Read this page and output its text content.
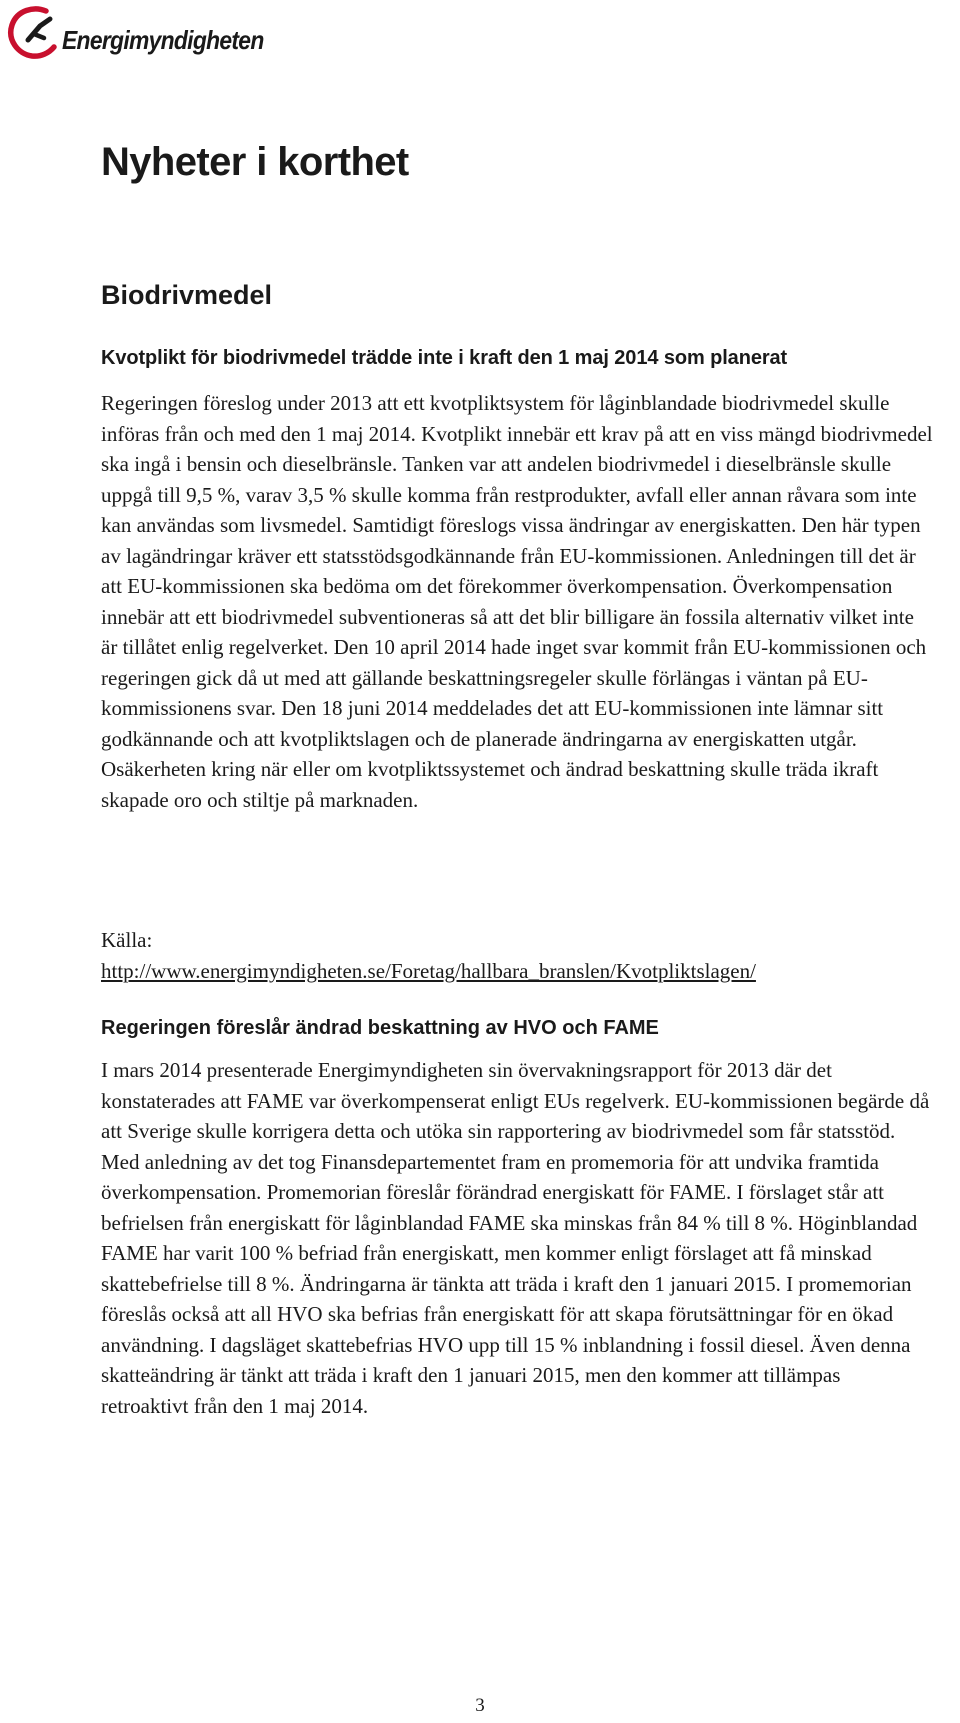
Energimyndigheten
Nyheter i korthet
Biodrivmedel
Kvotplikt för biodrivmedel trädde inte i kraft den 1 maj 2014 som planerat

Regeringen föreslog under 2013 att ett kvotpliktsystem för låginblandade biodrivmedel skulle införas från och med den 1 maj 2014. Kvotplikt innebär ett krav på att en viss mängd biodrivmedel ska ingå i bensin och dieselbränsle. Tanken var att andelen biodrivmedel i dieselbränsle skulle uppgå till 9,5 %, varav 3,5 % skulle komma från restprodukter, avfall eller annan råvara som inte kan användas som livsmedel. Samtidigt föreslogs vissa ändringar av energiskatten. Den här typen av lagändringar kräver ett statsstödsgodkännande från EU-kommissionen. Anledningen till det är att EU-kommissionen ska bedöma om det förekommer överkompensation. Överkompensation innebär att ett biodrivmedel subventioneras så att det blir billigare än fossila alternativ vilket inte är tillåtet enlig regelverket. Den 10 april 2014 hade inget svar kommit från EU-kommissionen och regeringen gick då ut med att gällande beskattningsregeler skulle förlängas i väntan på EU-kommissionens svar. Den 18 juni 2014 meddelades det att EU-kommissionen inte lämnar sitt godkännande och att kvotpliktslagen och de planerade ändringarna av energiskatten utgår. Osäkerheten kring när eller om kvotpliktssystemet och ändrad beskattning skulle träda ikraft skapade oro och stiltje på marknaden.

Källa:

http://www.energimyndigheten.se/Foretag/hallbara_branslen/Kvotpliktslagen/
Regeringen föreslår ändrad beskattning av HVO och FAME

I mars 2014 presenterade Energimyndigheten sin övervakningsrapport för 2013 där det konstaterades att FAME var överkompenserat enligt EUs regelverk. EU-kommissionen begärde då att Sverige skulle korrigera detta och utöka sin rapportering av biodrivmedel som får statsstöd. Med anledning av det tog Finansdepartementet fram en promemoria för att undvika framtida överkompensation. Promemorian föreslår förändrad energiskatt för FAME. I förslaget står att befrielsen från energiskatt för låginblandad FAME ska minskas från 84 % till 8 %. Höginblandad FAME har varit 100 % befriad från energiskatt, men kommer enligt förslaget att få minskad skattebefrielse till 8 %. Ändringarna är tänkta att träda i kraft den 1 januari 2015. I promemorian föreslås också att all HVO ska befrias från energiskatt för att skapa förutsättningar för en ökad användning. I dagsläget skattebefrias HVO upp till 15 % inblandning i fossil diesel. Även denna skatteändring är tänkt att träda i kraft den 1 januari 2015, men den kommer att tillämpas retroaktivt från den 1 maj 2014.

3
